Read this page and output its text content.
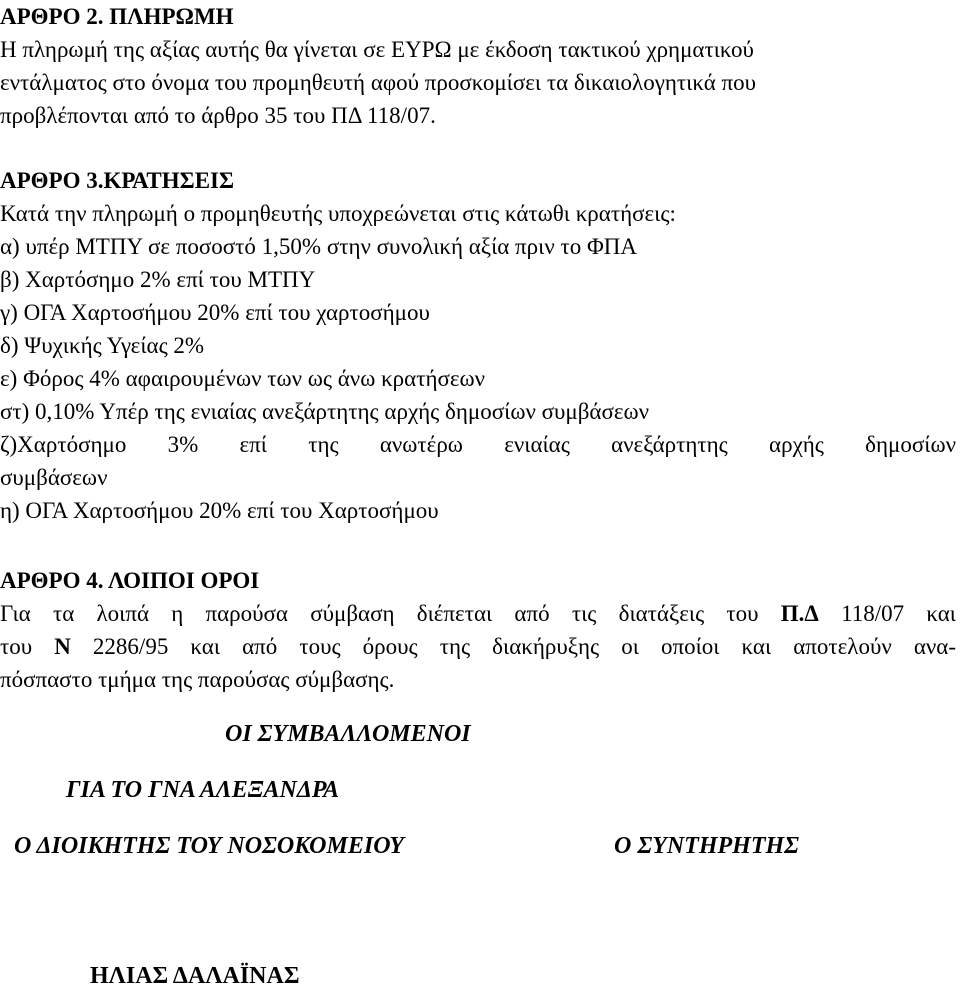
ΑΡΘΡΟ 2. ΠΛΗΡΩΜΗ
Η πληρωμή της αξίας αυτής θα γίνεται σε ΕΥΡΩ με έκδοση τακτικού χρηματικού
εντάλματος στο όνομα του προμηθευτή αφού προσκομίσει τα δικαιολογητικά που
προβλέπονται από το άρθρο 35 του ΠΔ 118/07.
ΑΡΘΡΟ 3.ΚΡΑΤΗΣΕΙΣ
Κατά την πληρωμή ο προμηθευτής υποχρεώνεται στις κάτωθι κρατήσεις:
α) υπέρ ΜΤΠΥ σε ποσοστό 1,50% στην συνολική αξία πριν το ΦΠΑ
β) Χαρτόσημο 2% επί του ΜΤΠΥ
γ) ΟΓΑ Χαρτοσήμου 20% επί του χαρτοσήμου
δ) Ψυχικής Υγείας 2%
ε) Φόρος 4% αφαιρουμένων των ως άνω κρατήσεων
στ) 0,10% Υπέρ της ενιαίας ανεξάρτητης αρχής δημοσίων συμβάσεων
ζ)Χαρτόσημο 3% επί της ανωτέρω ενιαίας ανεξάρτητης αρχής δημοσίων
συμβάσεων
η) ΟΓΑ Χαρτοσήμου 20% επί του Χαρτοσήμου
ΑΡΘΡΟ 4. ΛΟΙΠΟΙ ΟΡΟΙ
Για τα λοιπά η παρούσα σύμβαση διέπεται από τις διατάξεις του Π.Δ 118/07 και
του Ν 2286/95 και από τους όρους της διακήρυξης οι οποίοι και αποτελούν ανα-
πόσπαστο τμήμα της παρούσας σύμβασης.
ΟΙ ΣΥΜΒΑΛΛΟΜΕΝΟΙ
ΓΙΑ ΤΟ ΓΝΑ ΑΛΕΞΑΝΔΡΑ
Ο ΔΙΟΙΚΗΤΗΣ ΤΟΥ ΝΟΣΟΚΟΜΕΙΟΥ	Ο ΣΥΝΤΗΡΗΤΗΣ
ΗΛΙΑΣ ΔΑΛΑΪΝΑΣ
